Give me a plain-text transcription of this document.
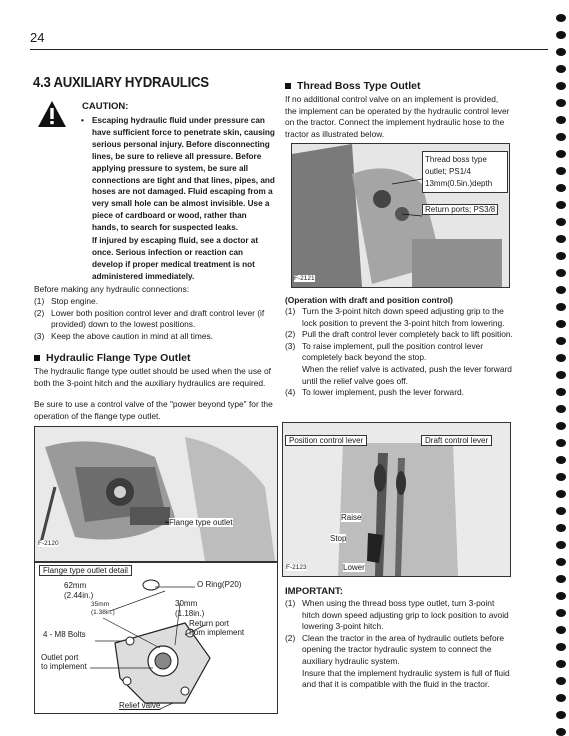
24
4.3 AUXILIARY HYDRAULICS
CAUTION:
• Escaping hydraulic fluid under pressure can have sufficient force to penetrate skin, causing serious personal injury. Before disconnecting lines, be sure to relieve all pressure. Before applying pressure to system, be sure all connections are tight and that lines, pipes, and hoses are not damaged. Fluid escaping from a very small hole can be almost invisible. Use a piece of cardboard or wood, rather than hands, to search for suspected leaks.

If injured by escaping fluid, see a doctor at once. Serious infection or reaction can develop if proper medical treatment is not administered immediately.

Before making any hydraulic connections:
(1) Stop engine.
(2) Lower both position control lever and draft control lever (if provided) down to the lowest positions.
(3) Keep the above caution in mind at all times.
Hydraulic Flange Type Outlet
The hydraulic flange type outlet should be used when the use of both the 3-point hitch and the auxiliary hydraulics are required.
Be sure to use a control valve of the "power beyond type" for the operation of the flange type outlet.
Flange type outlet
F-2120
Flange type outlet detail
62mm
(2.44in.)
35mm
(1.38in.)
30mm
(1.18in.)
O Ring(P20)
4 - M8 Bolts
Return port
from implement
Outlet port
to implement
Relief valve
Thread Boss Type Outlet
If no additional control valve on an implement is provided, the implement can be operated by the hydraulic control lever on the tractor. Connect the implement hydraulic hose to the tractor as illustrated below.
Thread boss type
outlet; PS1/4
13mm(0.5in.)depth
Return ports; PS3/8
F-2121
(Operation with draft and position control)
(1) Turn the 3-point hitch down speed adjusting grip to the lock position to prevent the 3-point hitch from lowering.
(2) Pull the draft control lever completely back to lift position.
(3) To raise implement, pull the position control lever completely back beyond the stop.
When the relief valve is activated, push the lever forward until the relief valve goes off.
(4) To lower implement, push the lever forward.
Position control lever	Draft control lever
Raise
Stop
Lower
F-2123
IMPORTANT:
(1) When using the thread boss type outlet, turn 3-point hitch down speed adjusting grip to lock position to avoid lowering 3-point hitch.
(2) Clean the tractor in the area of hydraulic outlets before opening the tractor hydraulic system to connect the auxiliary hydraulic system.
Insure that the implement hydraulic system is full of fluid and that it is compatible with the fluid in the tractor.
